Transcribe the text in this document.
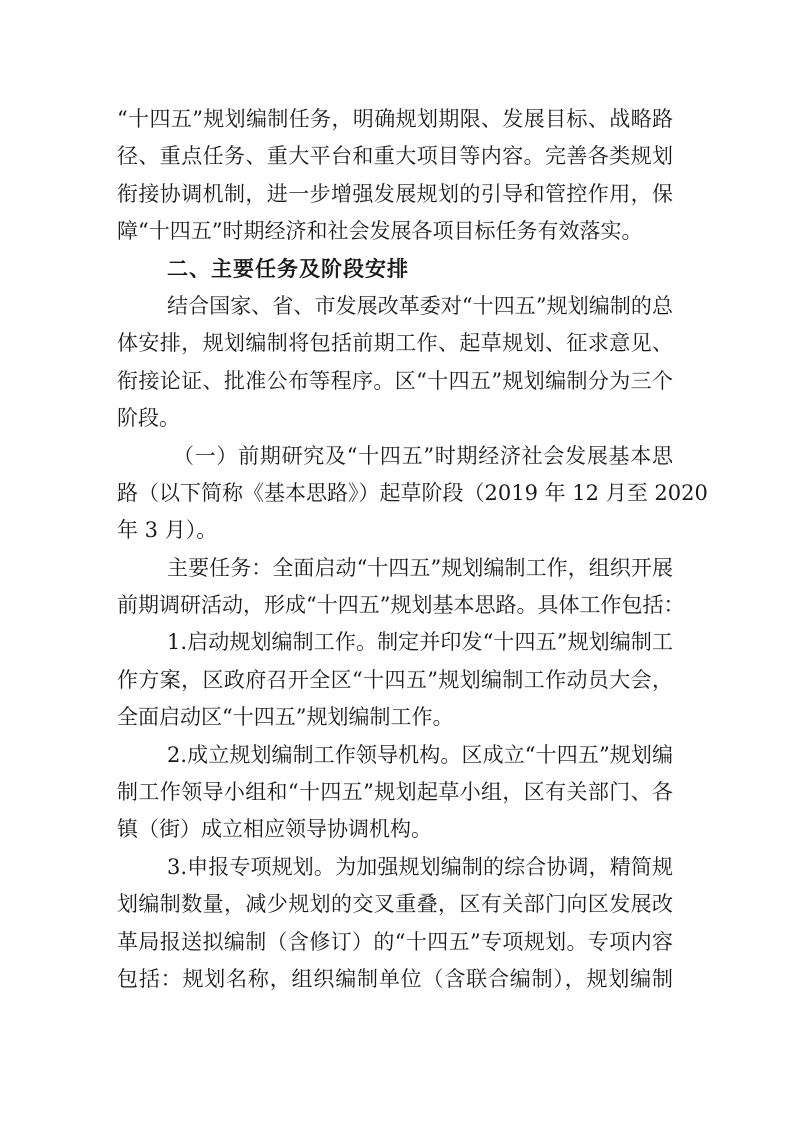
“十四五”规划编制任务，明确规划期限、发展目标、战略路
径、重点任务、重大平台和重大项目等内容。完善各类规划
衔接协调机制，进一步增强发展规划的引导和管控作用，保
障“十四五”时期经济和社会发展各项目标任务有效落实。
二、主要任务及阶段安排
结合国家、省、市发展改革委对“十四五”规划编制的总
体安排，规划编制将包括前期工作、起草规划、征求意见、
衔接论证、批准公布等程序。区“十四五”规划编制分为三个
阶段。
（一）前期研究及“十四五”时期经济社会发展基本思
路（以下简称《基本思路》）起草阶段（2019 年 12 月至 2020
年 3 月）。
主要任务：全面启动“十四五”规划编制工作，组织开展
前期调研活动，形成“十四五”规划基本思路。具体工作包括：
1.启动规划编制工作。制定并印发“十四五”规划编制工
作方案，区政府召开全区“十四五”规划编制工作动员大会，
全面启动区“十四五”规划编制工作。
2.成立规划编制工作领导机构。区成立“十四五”规划编
制工作领导小组和“十四五”规划起草小组，区有关部门、各
镇（街）成立相应领导协调机构。
3.申报专项规划。为加强规划编制的综合协调，精简规
划编制数量，减少规划的交叉重叠，区有关部门向区发展改
革局报送拟编制（含修订）的“十四五”专项规划。专项内容
包括：规划名称，组织编制单位（含联合编制），规划编制
